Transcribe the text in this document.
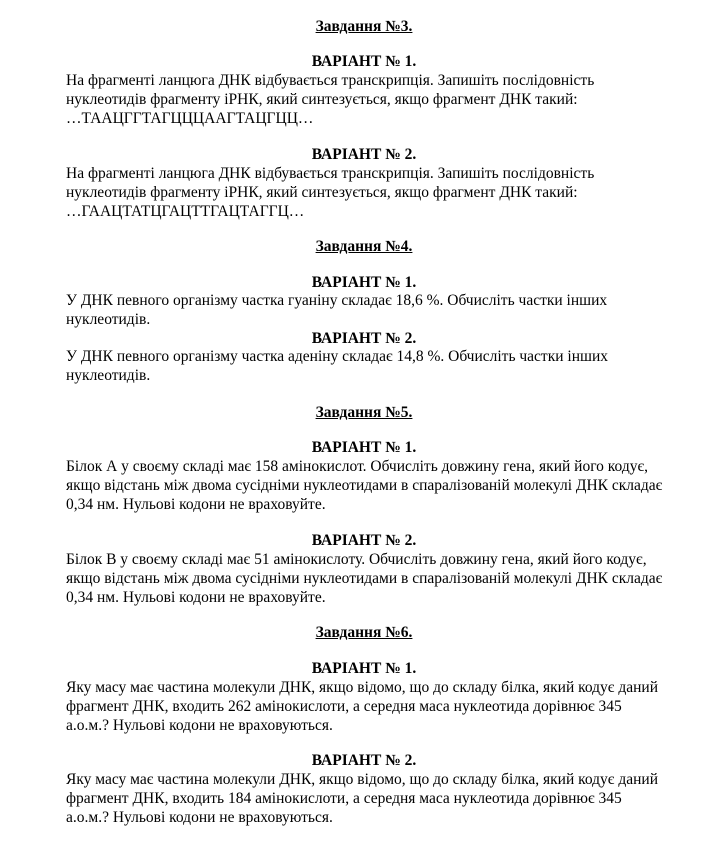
Завдання №3.
ВАРІАНТ № 1.
На фрагменті ланцюга ДНК відбувається транскрипція. Запишіть послідовність
нуклеотидів фрагменту іРНК, який синтезується, якщо фрагмент ДНК такий:
…ТААЦГГТАГЦЦЦААГТАЦГЦЦ…
ВАРІАНТ № 2.
На фрагменті ланцюга ДНК відбувається транскрипція. Запишіть послідовність
нуклеотидів фрагменту іРНК, який синтезується, якщо фрагмент ДНК такий:
…ГААЦТАТЦГАЦТТГАЦТАГГЦ…
Завдання №4.
ВАРІАНТ № 1.
У ДНК певного організму частка гуаніну складає 18,6 %. Обчисліть частки інших
нуклеотидів.
ВАРІАНТ № 2.
У ДНК певного організму частка аденіну складає 14,8 %. Обчисліть частки інших
нуклеотидів.
Завдання №5.
ВАРІАНТ № 1.
Білок А у своєму складі має 158 амінокислот. Обчисліть довжину гена, який його кодує,
якщо відстань між двома сусідніми нуклеотидами в спаралізованій молекулі ДНК складає
0,34 нм. Нульові кодони не враховуйте.
ВАРІАНТ № 2.
Білок В у своєму складі має 51 амінокислоту. Обчисліть довжину гена, який його кодує,
якщо відстань між двома сусідніми нуклеотидами в спаралізованій молекулі ДНК складає
0,34 нм. Нульові кодони не враховуйте.
Завдання №6.
ВАРІАНТ № 1.
Яку масу має частина молекули ДНК, якщо відомо, що до складу білка, який кодує даний
фрагмент ДНК, входить 262 амінокислоти, а середня маса нуклеотида дорівнює 345
а.о.м.? Нульові кодони не враховуються.
ВАРІАНТ № 2.
Яку масу має частина молекули ДНК, якщо відомо, що до складу білка, який кодує даний
фрагмент ДНК, входить 184 амінокислоти, а середня маса нуклеотида дорівнює 345
а.о.м.? Нульові кодони не враховуються.
